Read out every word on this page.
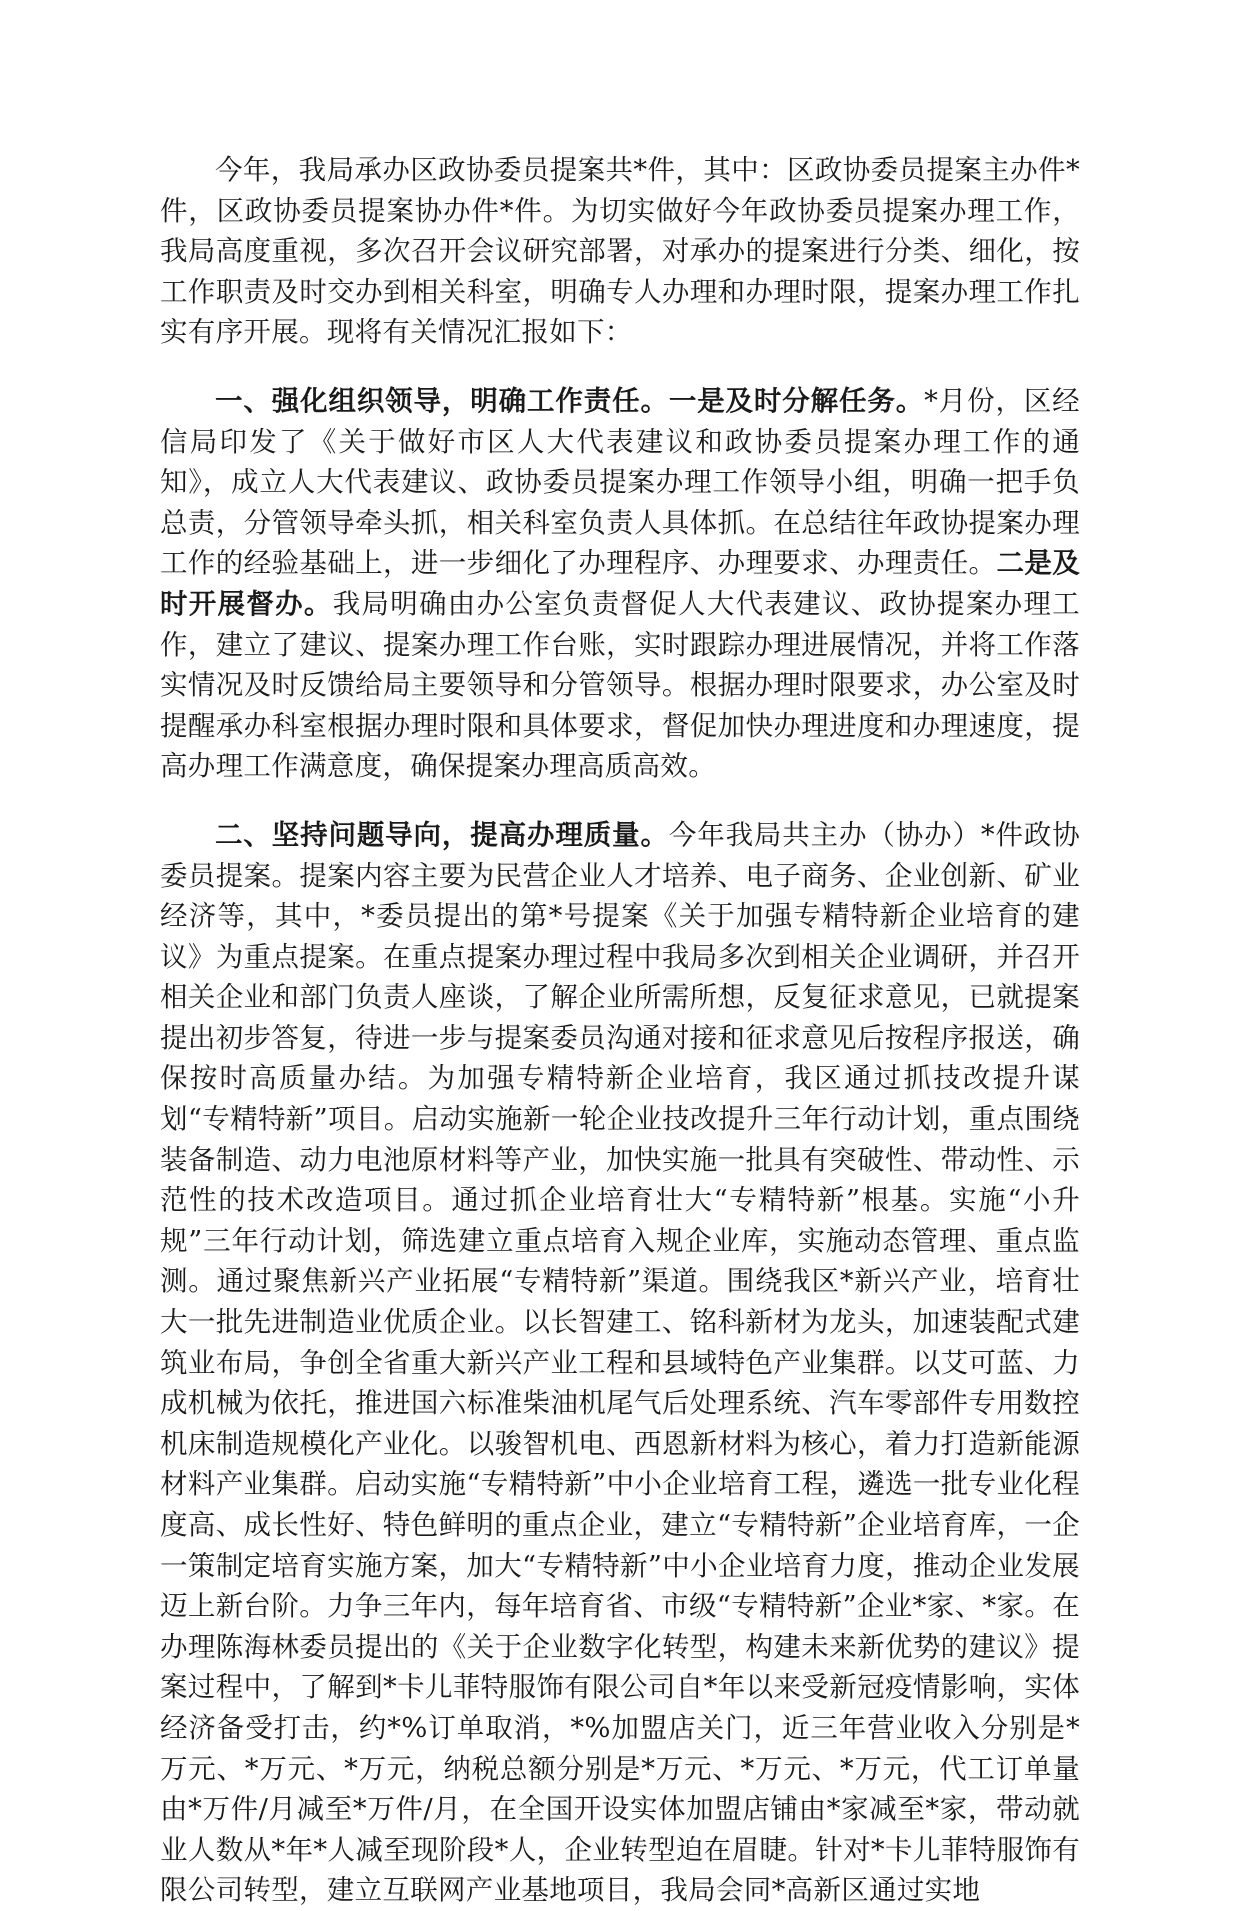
今年，我局承办区政协委员提案共*件，其中：区政协委员提案主办件*件，区政协委员提案协办件*件。为切实做好今年政协委员提案办理工作，我局高度重视，多次召开会议研究部署，对承办的提案进行分类、细化，按工作职责及时交办到相关科室，明确专人办理和办理时限，提案办理工作扎实有序开展。现将有关情况汇报如下：

一、强化组织领导，明确工作责任。一是及时分解任务。*月份，区经信局印发了《关于做好市区人大代表建议和政协委员提案办理工作的通知》，成立人大代表建议、政协委员提案办理工作领导小组，明确一把手负总责，分管领导牵头抓，相关科室负责人具体抓。在总结往年政协提案办理工作的经验基础上，进一步细化了办理程序、办理要求、办理责任。二是及时开展督办。我局明确由办公室负责督促人大代表建议、政协提案办理工作，建立了建议、提案办理工作台账，实时跟踪办理进展情况，并将工作落实情况及时反馈给局主要领导和分管领导。根据办理时限要求，办公室及时提醒承办科室根据办理时限和具体要求，督促加快办理进度和办理速度，提高办理工作满意度，确保提案办理高质高效。

二、坚持问题导向，提高办理质量。今年我局共主办（协办）*件政协委员提案。提案内容主要为民营企业人才培养、电子商务、企业创新、矿业经济等，其中，*委员提出的第*号提案《关于加强专精特新企业培育的建议》为重点提案。在重点提案办理过程中我局多次到相关企业调研，并召开相关企业和部门负责人座谈，了解企业所需所想，反复征求意见，已就提案提出初步答复，待进一步与提案委员沟通对接和征求意见后按程序报送，确保按时高质量办结。为加强专精特新企业培育，我区通过抓技改提升谋划“专精特新”项目。启动实施新一轮企业技改提升三年行动计划，重点围绕装备制造、动力电池原材料等产业，加快实施一批具有突破性、带动性、示范性的技术改造项目。通过抓企业培育壮大“专精特新”根基。实施“小升规”三年行动计划，筛选建立重点培育入规企业库，实施动态管理、重点监测。通过聚焦新兴产业拓展“专精特新”渠道。围绕我区*新兴产业，培育壮大一批先进制造业优质企业。以长智建工、铭科新材为龙头，加速装配式建筑业布局，争创全省重大新兴产业工程和县域特色产业集群。以艾可蓝、力成机械为依托，推进国六标准柴油机尾气后处理系统、汽车零部件专用数控机床制造规模化产业化。以骏智机电、西恩新材料为核心，着力打造新能源材料产业集群。启动实施“专精特新”中小企业培育工程，遴选一批专业化程度高、成长性好、特色鲜明的重点企业，建立“专精特新”企业培育库，一企一策制定培育实施方案，加大“专精特新”中小企业培育力度，推动企业发展迈上新台阶。力争三年内，每年培育省、市级“专精特新”企业*家、*家。在办理陈海林委员提出的《关于企业数字化转型，构建未来新优势的建议》提案过程中，了解到*卡儿菲特服饰有限公司自*年以来受新冠疫情影响，实体经济备受打击，约*%订单取消，*%加盟店关门，近三年营业收入分别是*万元、*万元、*万元，纳税总额分别是*万元、*万元、*万元，代工订单量由*万件/月减至*万件/月，在全国开设实体加盟店铺由*家减至*家，带动就业人数从*年*人减至现阶段*人，企业转型迫在眉睫。针对*卡儿菲特服饰有限公司转型，建立互联网产业基地项目，我局会同*高新区通过实地
